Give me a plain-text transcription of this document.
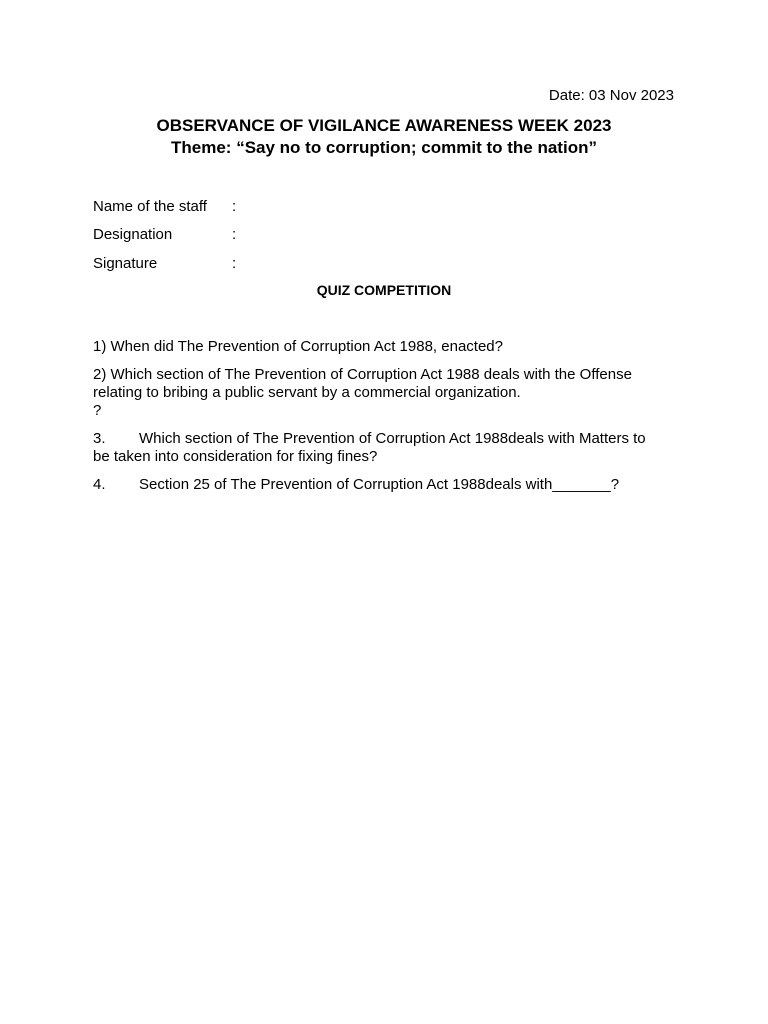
Date: 03 Nov 2023
OBSERVANCE OF VIGILANCE AWARENESS WEEK 2023
Theme: “Say no to corruption; commit to the nation”
Name of the staff :
Designation	:
Signature	:
QUIZ COMPETITION
1) When did The Prevention of Corruption Act 1988, enacted?
2) Which section of The Prevention of Corruption Act 1988 deals with the Offense
relating to bribing a public servant by a commercial organization.
?
3. Which section of The Prevention of Corruption Act 1988deals with Matters to
be taken into consideration for fixing fines?
4. Section 25 of The Prevention of Corruption Act 1988deals with_______?
